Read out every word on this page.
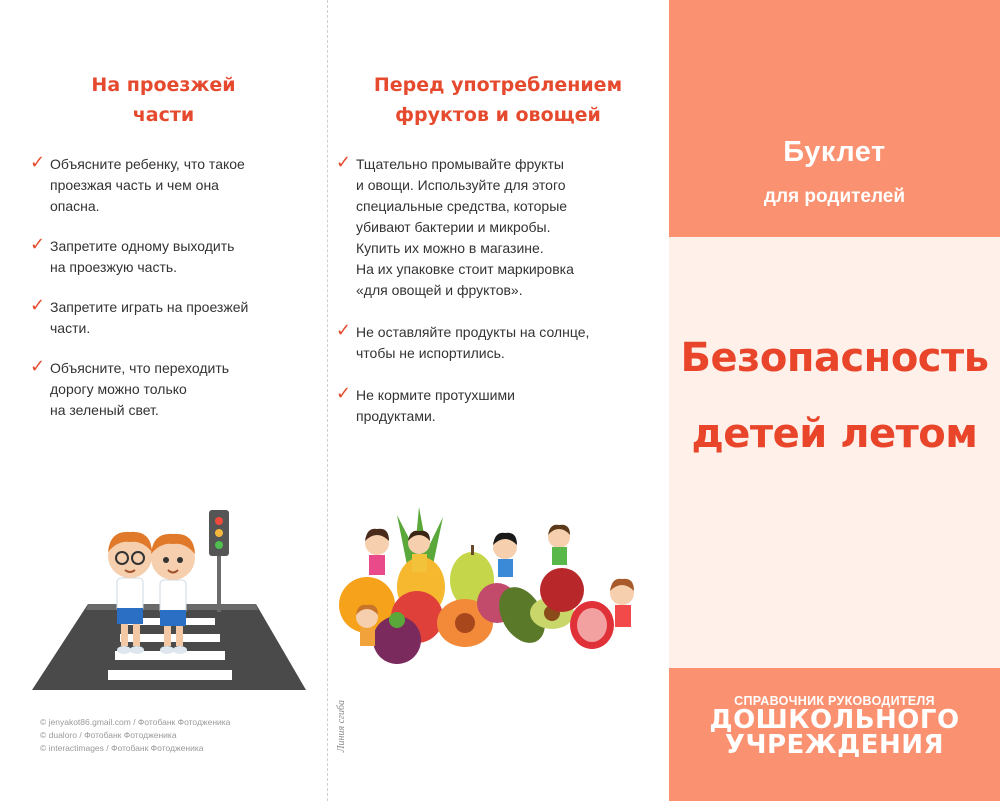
На проезжей
части
✓ Объясните ребенку, что такое
проезжая часть и чем она
опасна.
✓ Запретите одному выходить
на проезжую часть.
✓ Запретите играть на проезжей
части.
✓ Объясните, что переходить
дорогу можно только
на зеленый свет.
© jenyakot86.gmail.com / Фотобанк Фотодженика
© dualoro / Фотобанк Фотодженика
© interactimages / Фотобанк Фотодженика	Линия сгиба
Перед употреблением
фруктов и овощей
✓ Тщательно промывайте фрукты
и овощи. Используйте для этого
специальные средства, которые
убивают бактерии и микробы.
Купить их можно в магазине.
На их упаковке стоит маркировка
«для овощей и фруктов».
✓ Не оставляйте продукты на солнце,
чтобы не испортились.
✓ Не кормите протухшими
продуктами.
Буклет
для родителей
Безопасность
детей летом
СПРАВОЧНИК РУКОВОДИТЕЛЯ
ДОШКОЛЬНОГО
УЧРЕЖДЕНИЯ
